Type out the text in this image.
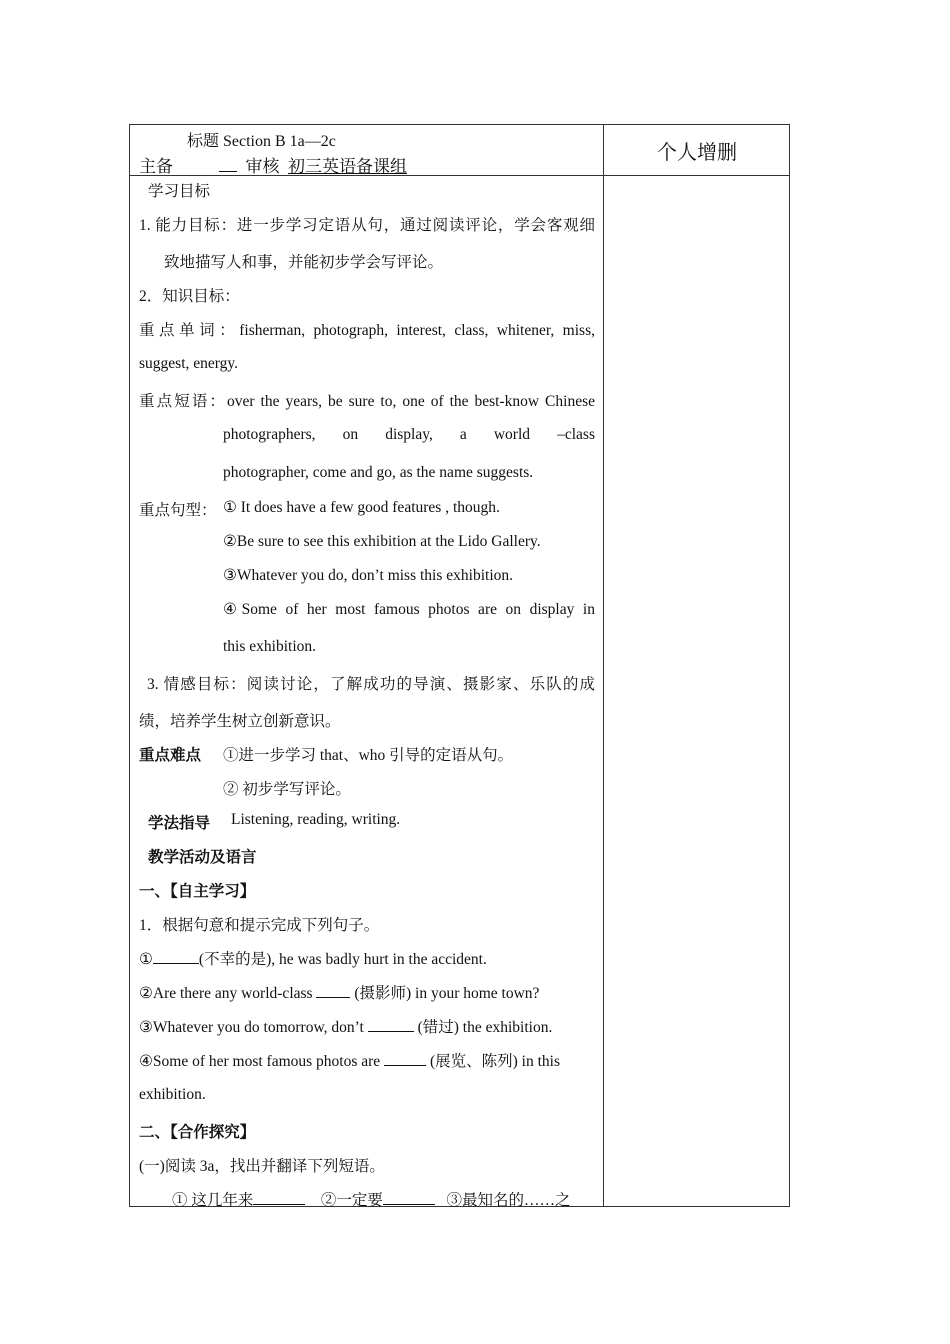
标题 Section B 1a—2c
主备	审核 初三英语备课组
个人增删
学习目标
1. 能力目标：进一步学习定语从句，通过阅读评论，学会客观细
致地描写人和事，并能初步学会写评论。
2．知识目标：
重点单词：fisherman, photograph, interest, class, whitener, miss,
suggest, energy.
重点短语：over the years, be sure to, one of the best-know Chinese
photographers, on display, a world –class
photographer, come and go, as the name suggests.
重点句型： ① It does have a few good features , though.
②Be sure to see this exhibition at the Lido Gallery.
③Whatever you do, don’t miss this exhibition.
④Some of her most famous photos are on display in
this exhibition.
3. 情感目标：阅读讨论，了解成功的导演、摄影家、乐队的成
绩，培养学生树立创新意识。
重点难点 ①进一步学习 that、who 引导的定语从句。
② 初步学写评论。
学法指导 Listening, reading, writing.
教学活动及语言
一、【自主学习】
1．根据句意和提示完成下列句子。
①	(不幸的是), he was badly hurt in the accident.
②Are there any world-class  (摄影师) in your home town?
③Whatever you do tomorrow, don’t	(错过) the exhibition.
④Some of her most famous photos are	(展览、陈列) in this
exhibition.
二、【合作探究】
(一)阅读 3a，找出并翻译下列短语。
① 这几年来	②一定要	③最知名的……之
